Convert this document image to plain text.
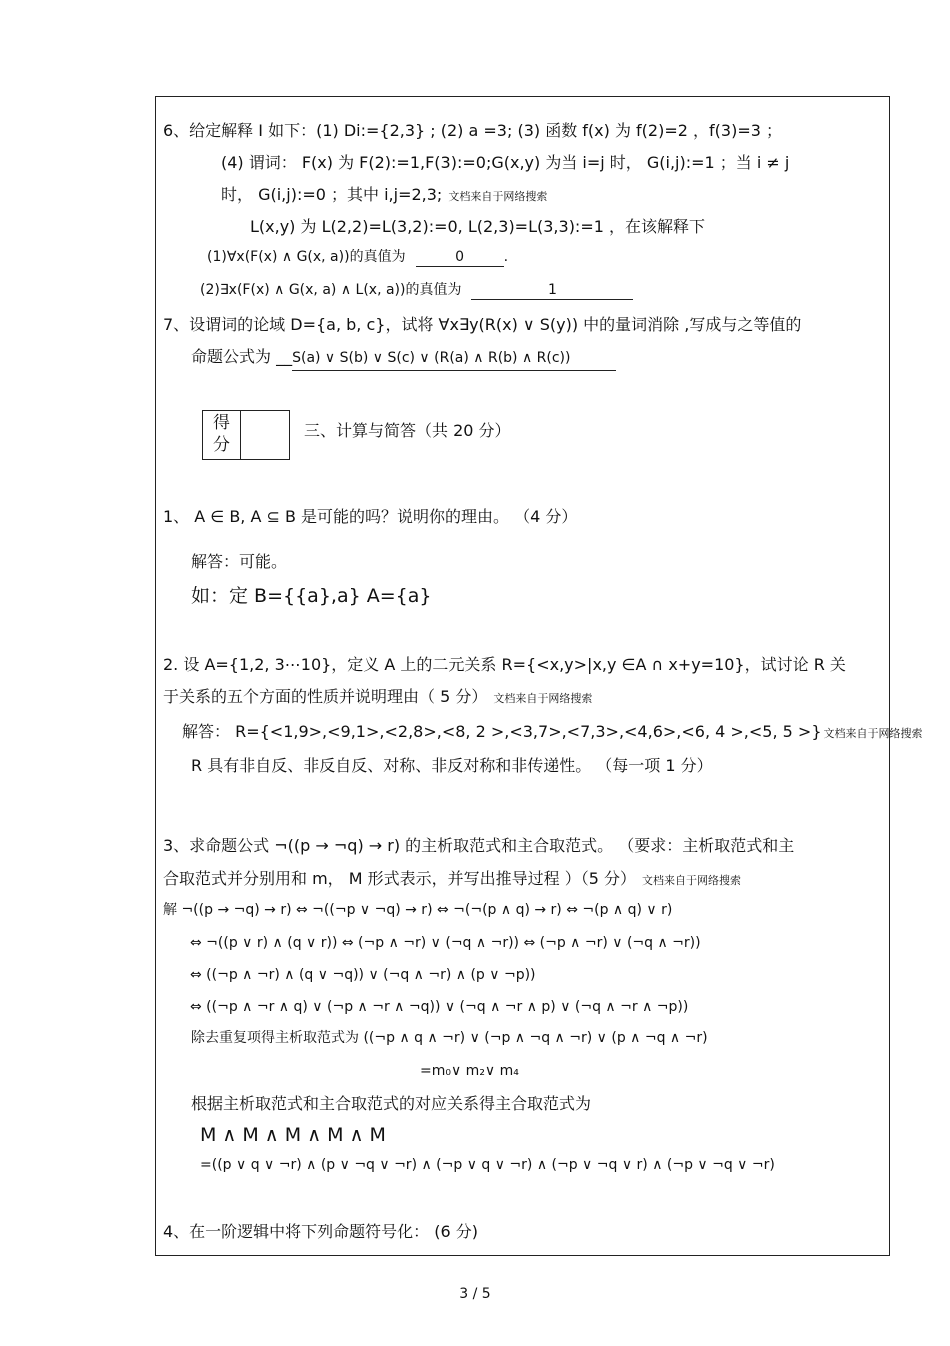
6、给定解释 I 如下：(1) Di:={2,3} ; (2) a =3; (3) 函数 f(x) 为 f(2)=2 ，f(3)=3 ；
(4) 谓词： F(x) 为 F(2):=1,F(3):=0;G(x,y) 为当 i=j 时， G(i,j):=1 ；当 i ≠ j
时， G(i,j):=0 ；其中 i,j=2,3; 文档来自于网络搜索
L(x,y) 为 L(2,2)=L(3,2):=0, L(2,3)=L(3,3):=1 ，在该解释下
(1)∀x(F(x) ∧ G(x, a))的真值为	0	.
(2)∃x(F(x) ∧ G(x, a) ∧ L(x, a))的真值为	1
7、设谓词的论域 D={a, b, c}，试将 ∀x∃y(R(x) ∨ S(y)) 中的量词消除 ,写成与之等值的
命题公式为 __S(a) ∨ S(b) ∨ S(c) ∨ (R(a) ∧ R(b) ∧ R(c))
得
分
三、计算与简答（共 20 分）
1、 A ∈ B, A ⊆ B 是可能的吗？说明你的理由。 （4 分）
解答：可能。
如：定 B={{a},a} A={a}
2. 设 A={1,2, 3⋯10}，定义 A 上的二元关系 R={<x,y>|x,y ∈A ∩ x+y=10}，试讨论 R 关
于关系的五个方面的性质并说明理由（ 5 分） 文档来自于网络搜索
解答： R={<1,9>,<9,1>,<2,8>,<8, 2 >,<3,7>,<7,3>,<4,6>,<6, 4 >,<5, 5 >} 文档来自于网络搜索
R 具有非自反、非反自反、对称、非反对称和非传递性。 （每一项 1 分）
3、求命题公式 ¬((p → ¬q) → r) 的主析取范式和主合取范式。 （要求：主析取范式和主
合取范式并分别用和 m， M 形式表示，并写出推导过程 ）（5 分） 文档来自于网络搜索
解 ¬((p → ¬q) → r) ⇔ ¬((¬p ∨ ¬q) → r) ⇔ ¬(¬(p ∧ q) → r) ⇔ ¬(p ∧ q) ∨ r)
⇔ ¬((p ∨ r) ∧ (q ∨ r)) ⇔ (¬p ∧ ¬r) ∨ (¬q ∧ ¬r)) ⇔ (¬p ∧ ¬r) ∨ (¬q ∧ ¬r))
⇔ ((¬p ∧ ¬r) ∧ (q ∨ ¬q)) ∨ (¬q ∧ ¬r) ∧ (p ∨ ¬p))
⇔ ((¬p ∧ ¬r ∧ q) ∨ (¬p ∧ ¬r ∧ ¬q)) ∨ (¬q ∧ ¬r ∧ p) ∨ (¬q ∧ ¬r ∧ ¬p))
除去重复项得主析取范式为 ((¬p ∧ q ∧ ¬r) ∨ (¬p ∧ ¬q ∧ ¬r) ∨ (p ∧ ¬q ∧ ¬r)
=m₀∨ m₂∨ m₄
根据主析取范式和主合取范式的对应关系得主合取范式为
M ∧ M ∧ M ∧ M ∧ M
=((p ∨ q ∨ ¬r) ∧ (p ∨ ¬q ∨ ¬r) ∧ (¬p ∨ q ∨ ¬r) ∧ (¬p ∨ ¬q ∨ r) ∧ (¬p ∨ ¬q ∨ ¬r)
4、在一阶逻辑中将下列命题符号化： (6 分)
3 / 5
